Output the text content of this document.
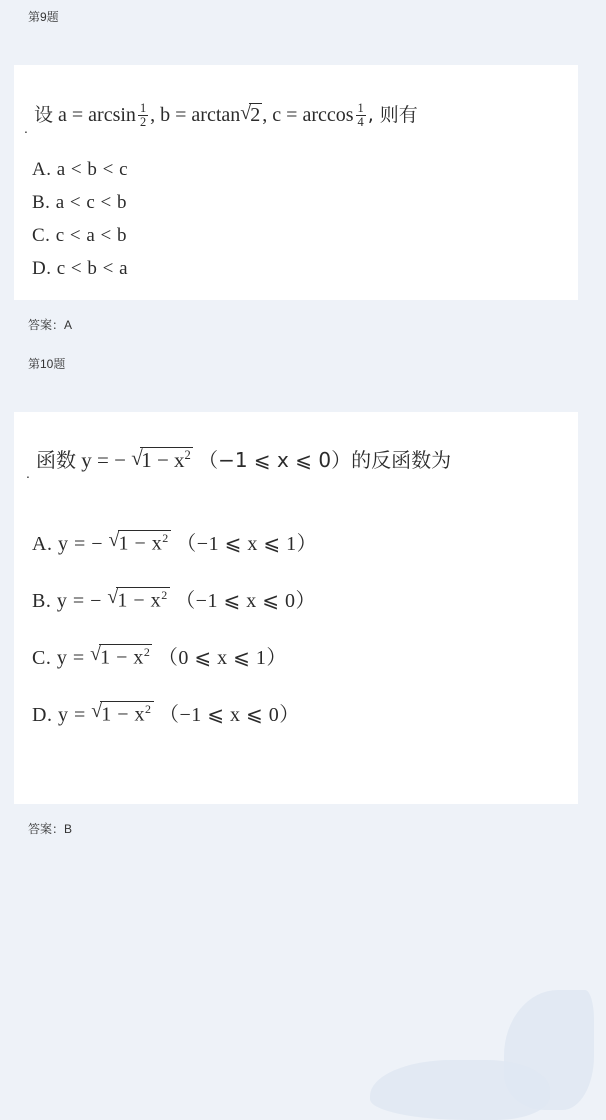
第9题
.
设 $a = \arcsin \frac{1}{2}$ , b = arctan √ 2 , $c = \arccos \frac{1}{4}$ , 则有
A. a < b < c
B. a < c < b
C. c < a < b
D. c < b < a
答案：A
第10题
.
函数 y = − √ $1 - x^2$ （−1 ⩽ x ⩽ 0）的反函数为
A. y = − √ $1 - x^2$ （−1 ⩽ x ⩽ 1）
B. y = − √ $1 - x^2$ （−1 ⩽ x ⩽ 0）
C. y = √ $1 - x^2$ （0 ⩽ x ⩽ 1）
D. y = √ $1 - x^2$ （−1 ⩽ x ⩽ 0）
答案：B
